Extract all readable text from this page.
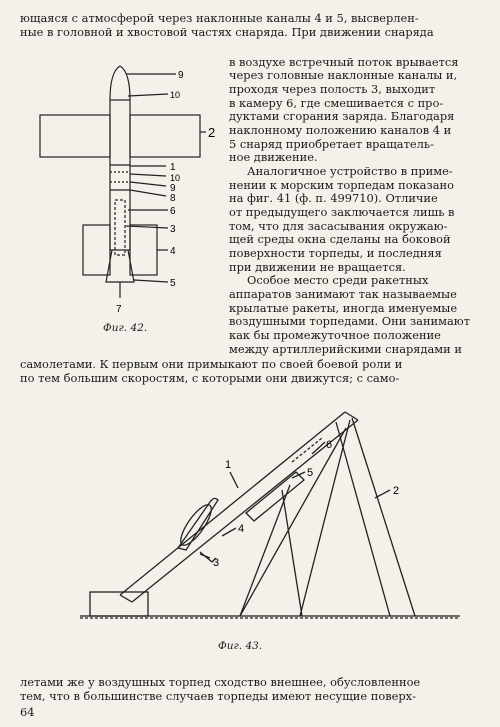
ющаяся с атмосферой через наклонные каналы 4 и 5, высверлен-
ные в головной и хвостовой частях снаряда. При движении снаряда
в воздухе встречный поток врывается
через головные наклонные каналы и,
проходя через полость 3, выходит
в камеру 6, где смешивается с про-
дуктами сгорания заряда. Благодаря
наклонному положению каналов 4 и
5 снаряд приобретает вращатель-
ное движение.
Аналогичное устройство в приме-
нении к морским торпедам показано
на фиг. 41 (ф. п. 499710). Отличие
от предыдущего заключается лишь в
том, что для засасывания окружаю-
щей среды окна сделаны на боковой
поверхности торпеды, и последняя
при движении не вращается.
Особое место среди ракетных
аппаратов занимают так называемые
крылатые ракеты, иногда именуемые
воздушными торпедами. Они занимают
как бы промежуточное положение
между артиллерийскими снарядами и
самолетами. К первым они примыкают по своей боевой роли и
по тем большим скоростям, с которыми они движутся; с само-
летами же у воздушных торпед сходство внешнее, обусловленное
тем, что в большинстве случаев торпеды имеют несущие поверх-
64
9
10
2
1
10
9
8
6
3
4
5
7
Фиг. 42.
6
5
1
4
3
2
Фиг. 43.
